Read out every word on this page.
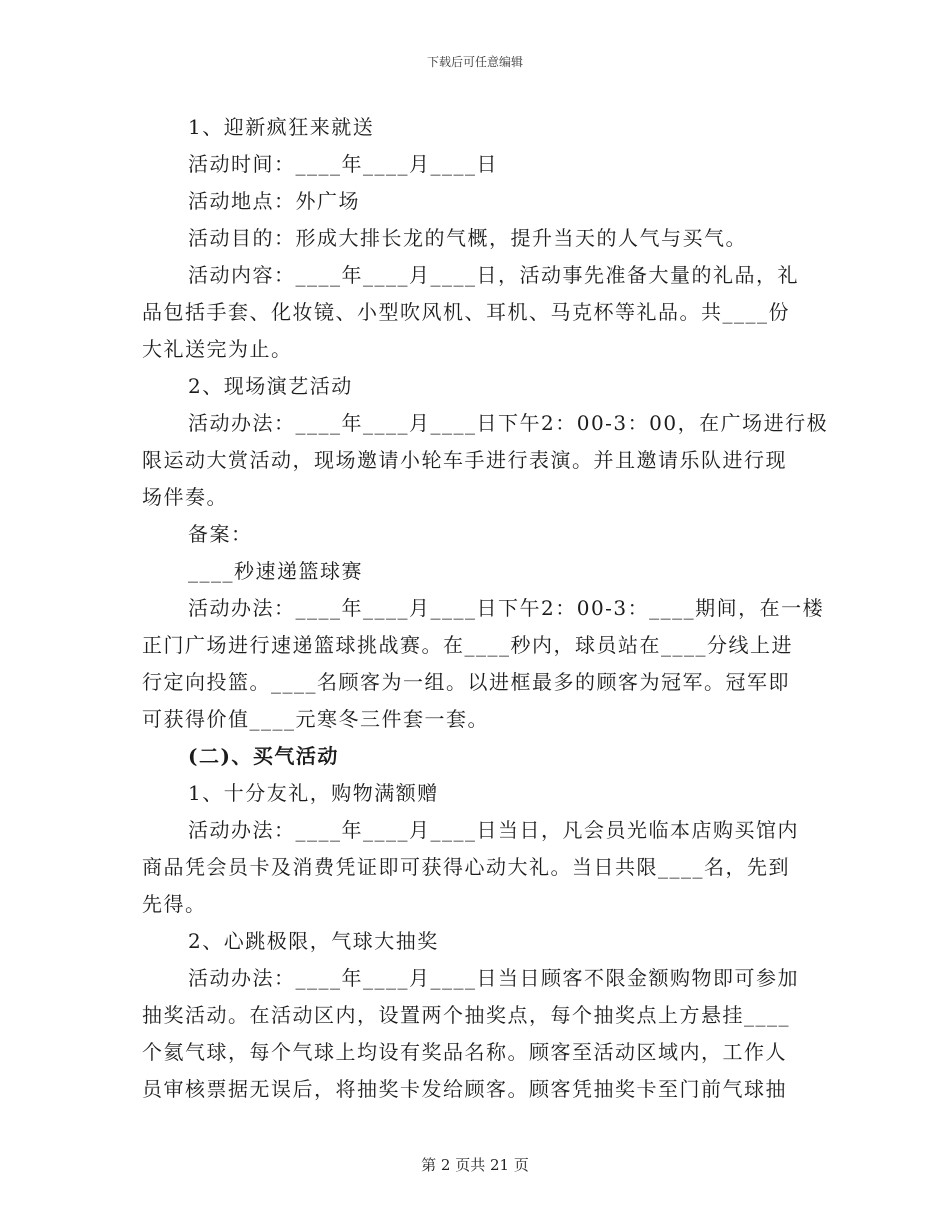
下载后可任意编辑

1、迎新疯狂来就送

活动时间：____年____月____日

活动地点：外广场

活动目的：形成大排长龙的气概，提升当天的人气与买气。

活动内容：____年____月____日，活动事先准备大量的礼品，礼
品包括手套、化妆镜、小型吹风机、耳机、马克杯等礼品。共____份
大礼送完为止。

2、现场演艺活动

活动办法：____年____月____日下午2：00-3：00，在广场进行极
限运动大赏活动，现场邀请小轮车手进行表演。并且邀请乐队进行现
场伴奏。

备案：

____秒速递篮球赛

活动办法：____年____月____日下午2：00-3：____期间，在一楼
正门广场进行速递篮球挑战赛。在____秒内，球员站在____分线上进
行定向投篮。____名顾客为一组。以进框最多的顾客为冠军。冠军即
可获得价值____元寒冬三件套一套。

(二)、买气活动

1、十分友礼，购物满额赠

活动办法：____年____月____日当日，凡会员光临本店购买馆内
商品凭会员卡及消费凭证即可获得心动大礼。当日共限____名，先到
先得。

2、心跳极限，气球大抽奖

活动办法：____年____月____日当日顾客不限金额购物即可参加
抽奖活动。在活动区内，设置两个抽奖点，每个抽奖点上方悬挂____
个氦气球，每个气球上均设有奖品名称。顾客至活动区域内，工作人
员审核票据无误后，将抽奖卡发给顾客。顾客凭抽奖卡至门前气球抽

第 2 页共 21 页
